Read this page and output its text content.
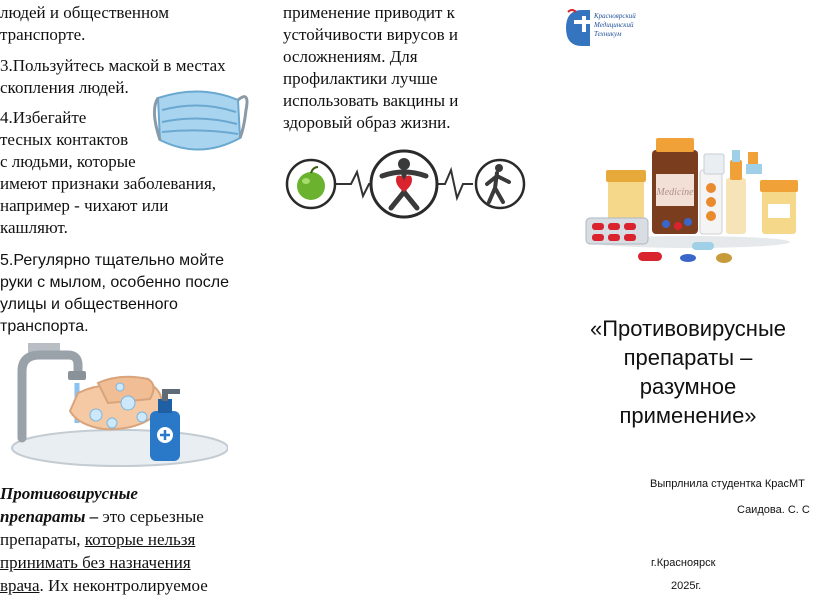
людей и общественном

транспорте.

3.Пользуйтесь маской в местах

скопления людей.

4.Избегайте

тесных контактов

с людьми, которые

имеют признаки заболевания,

например - чихают или

кашляют.

5.Регулярно тщательно мойте

руки с мылом, особенно после

улицы и общественного

транспорта.

Противовирусные
препараты – это серьезные
препараты, которые нельзя
принимать без назначения
врача. Их неконтролируемое

применение приводит к

устойчивости вирусов и

осложнениям. Для

профилактики лучше

использовать вакцины и

здоровый образ жизни.

Красноярский
Медицинский
Техникум
Medicine
«Противовирусные
препараты –
разумное
применение»
Выпрлнила студентка КрасМТ
Саидова. С. С
г.Красноярск
2025г.
